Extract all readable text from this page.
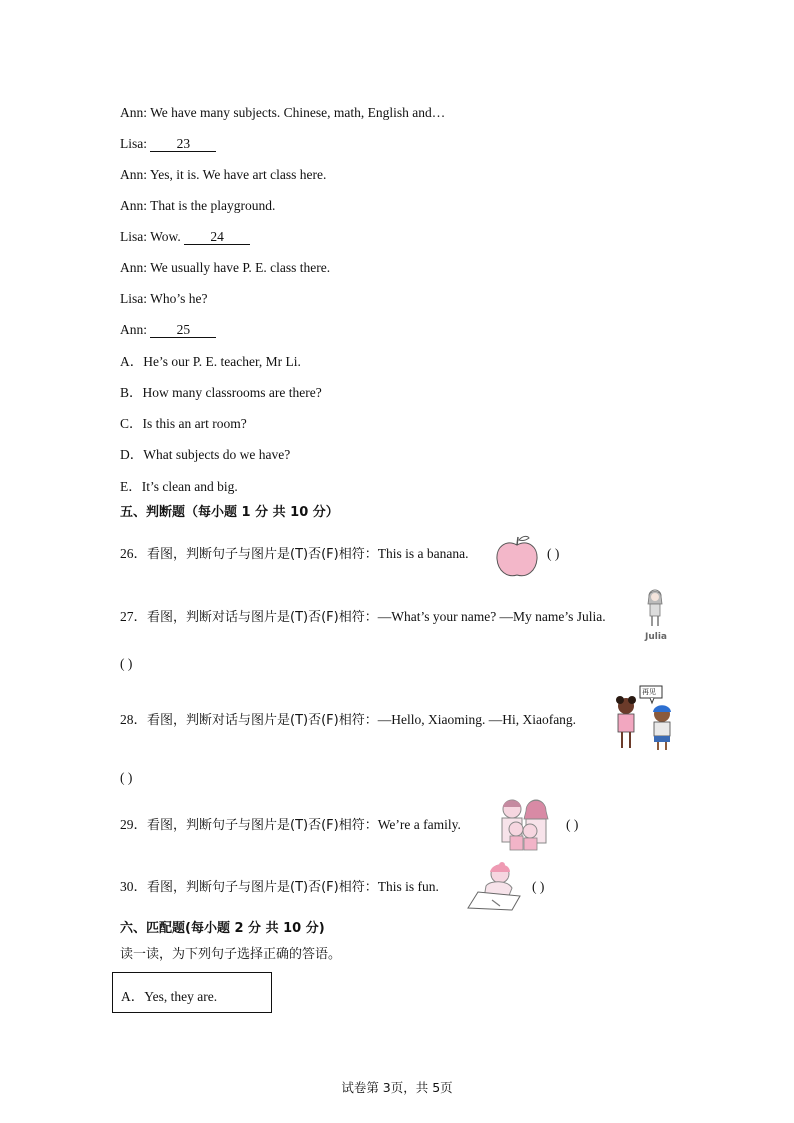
Ann: We have many subjects. Chinese, math, English and…
Lisa: 23
Ann: Yes, it is. We have art class here.
Ann: That is the playground.
Lisa: Wow. 24
Ann: We usually have P. E. class there.
Lisa: Who’s he?
Ann: 25
A．He’s our P. E. teacher, Mr Li.
B．How many classrooms are there?
C．Is this an art room?
D．What subjects do we have?
E．It’s clean and big.
五、判断题（每小题 1 分 共 10 分）
26．看图，判断句子与图片是(T)否(F)相符：This is a banana.	( )
27．看图，判断对话与图片是(T)否(F)相符：—What’s your name? —My name’s Julia.
Julia
( )
28．看图，判断对话与图片是(T)否(F)相符：—Hello, Xiaoming. —Hi, Xiaofang.
再见
( )
29．看图，判断句子与图片是(T)否(F)相符：We’re a family.	( )
30．看图，判断句子与图片是(T)否(F)相符：This is fun.	( )
六、匹配题(每小题 2 分 共 10 分)
读一读，为下列句子选择正确的答语。
A．Yes, they are.
试卷第 3页，共 5页
